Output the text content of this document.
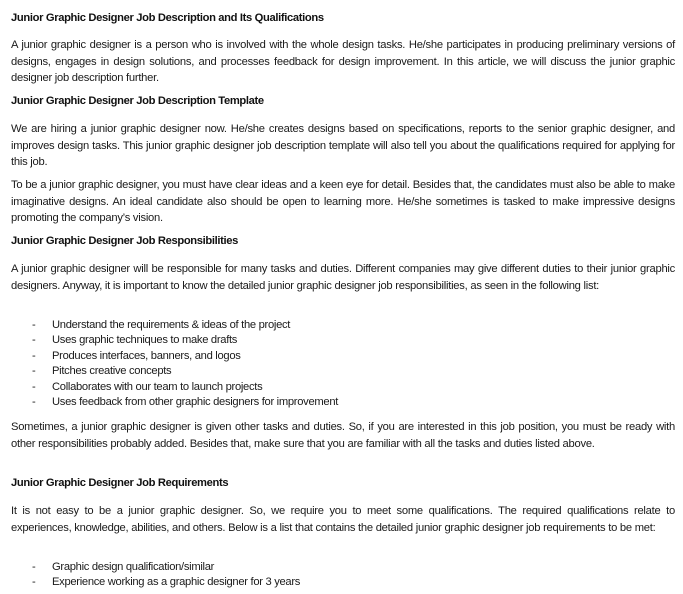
Junior Graphic Designer Job Description and Its Qualifications
A junior graphic designer is a person who is involved with the whole design tasks. He/she participates in producing preliminary versions of designs, engages in design solutions, and processes feedback for design improvement. In this article, we will discuss the junior graphic designer job description further.
Junior Graphic Designer Job Description Template
We are hiring a junior graphic designer now. He/she creates designs based on specifications, reports to the senior graphic designer, and improves design tasks. This junior graphic designer job description template will also tell you about the qualifications required for applying for this job.
To be a junior graphic designer, you must have clear ideas and a keen eye for detail. Besides that, the candidates must also be able to make imaginative designs. An ideal candidate also should be open to learning more. He/she sometimes is tasked to make impressive designs promoting the company’s vision.
Junior Graphic Designer Job Responsibilities
A junior graphic designer will be responsible for many tasks and duties. Different companies may give different duties to their junior graphic designers. Anyway, it is important to know the detailed junior graphic designer job responsibilities, as seen in the following list:
- Understand the requirements & ideas of the project
- Uses graphic techniques to make drafts
- Produces interfaces, banners, and logos
- Pitches creative concepts
- Collaborates with our team to launch projects
- Uses feedback from other graphic designers for improvement
Sometimes, a junior graphic designer is given other tasks and duties. So, if you are interested in this job position, you must be ready with other responsibilities probably added. Besides that, make sure that you are familiar with all the tasks and duties listed above.
Junior Graphic Designer Job Requirements
It is not easy to be a junior graphic designer. So, we require you to meet some qualifications. The required qualifications relate to experiences, knowledge, abilities, and others. Below is a list that contains the detailed junior graphic designer job requirements to be met:
- Graphic design qualification/similar
- Experience working as a graphic designer for 3 years
